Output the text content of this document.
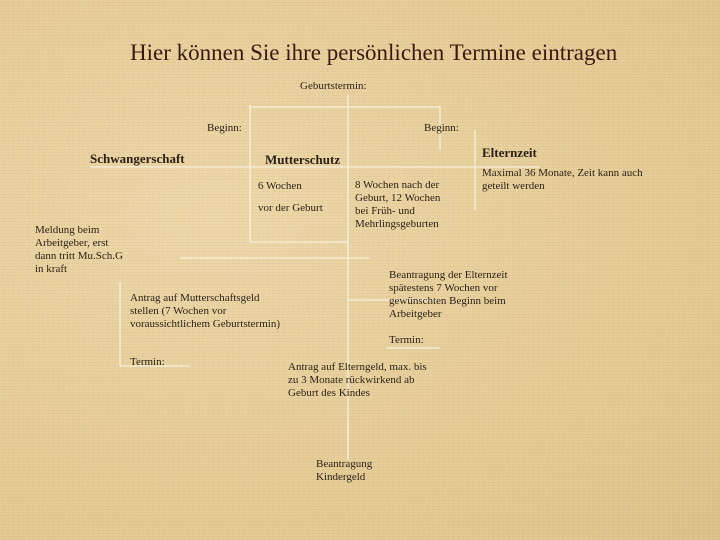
Hier können Sie ihre persönlichen Termine eintragen
Geburtstermin:
Beginn:	Beginn:
Schwangerschaft	Mutterschutz	Elternzeit
6 Wochen
vor der Geburt
8 Wochen nach der Geburt, 12 Wochen bei Früh- und Mehrlingsgeburten
Maximal 36 Monate, Zeit kann auch geteilt werden
Meldung beim Arbeitgeber, erst dann tritt Mu.Sch.G in kraft
Antrag auf Mutterschaftsgeld stellen (7 Wochen vor voraussichtlichem Geburtstermin)
Termin:
Beantragung der Elternzeit spätestens 7 Wochen vor gewünschten Beginn beim Arbeitgeber
Termin:
Antrag auf Elterngeld, max. bis zu 3 Monate rückwirkend ab Geburt des Kindes
Beantragung Kindergeld
